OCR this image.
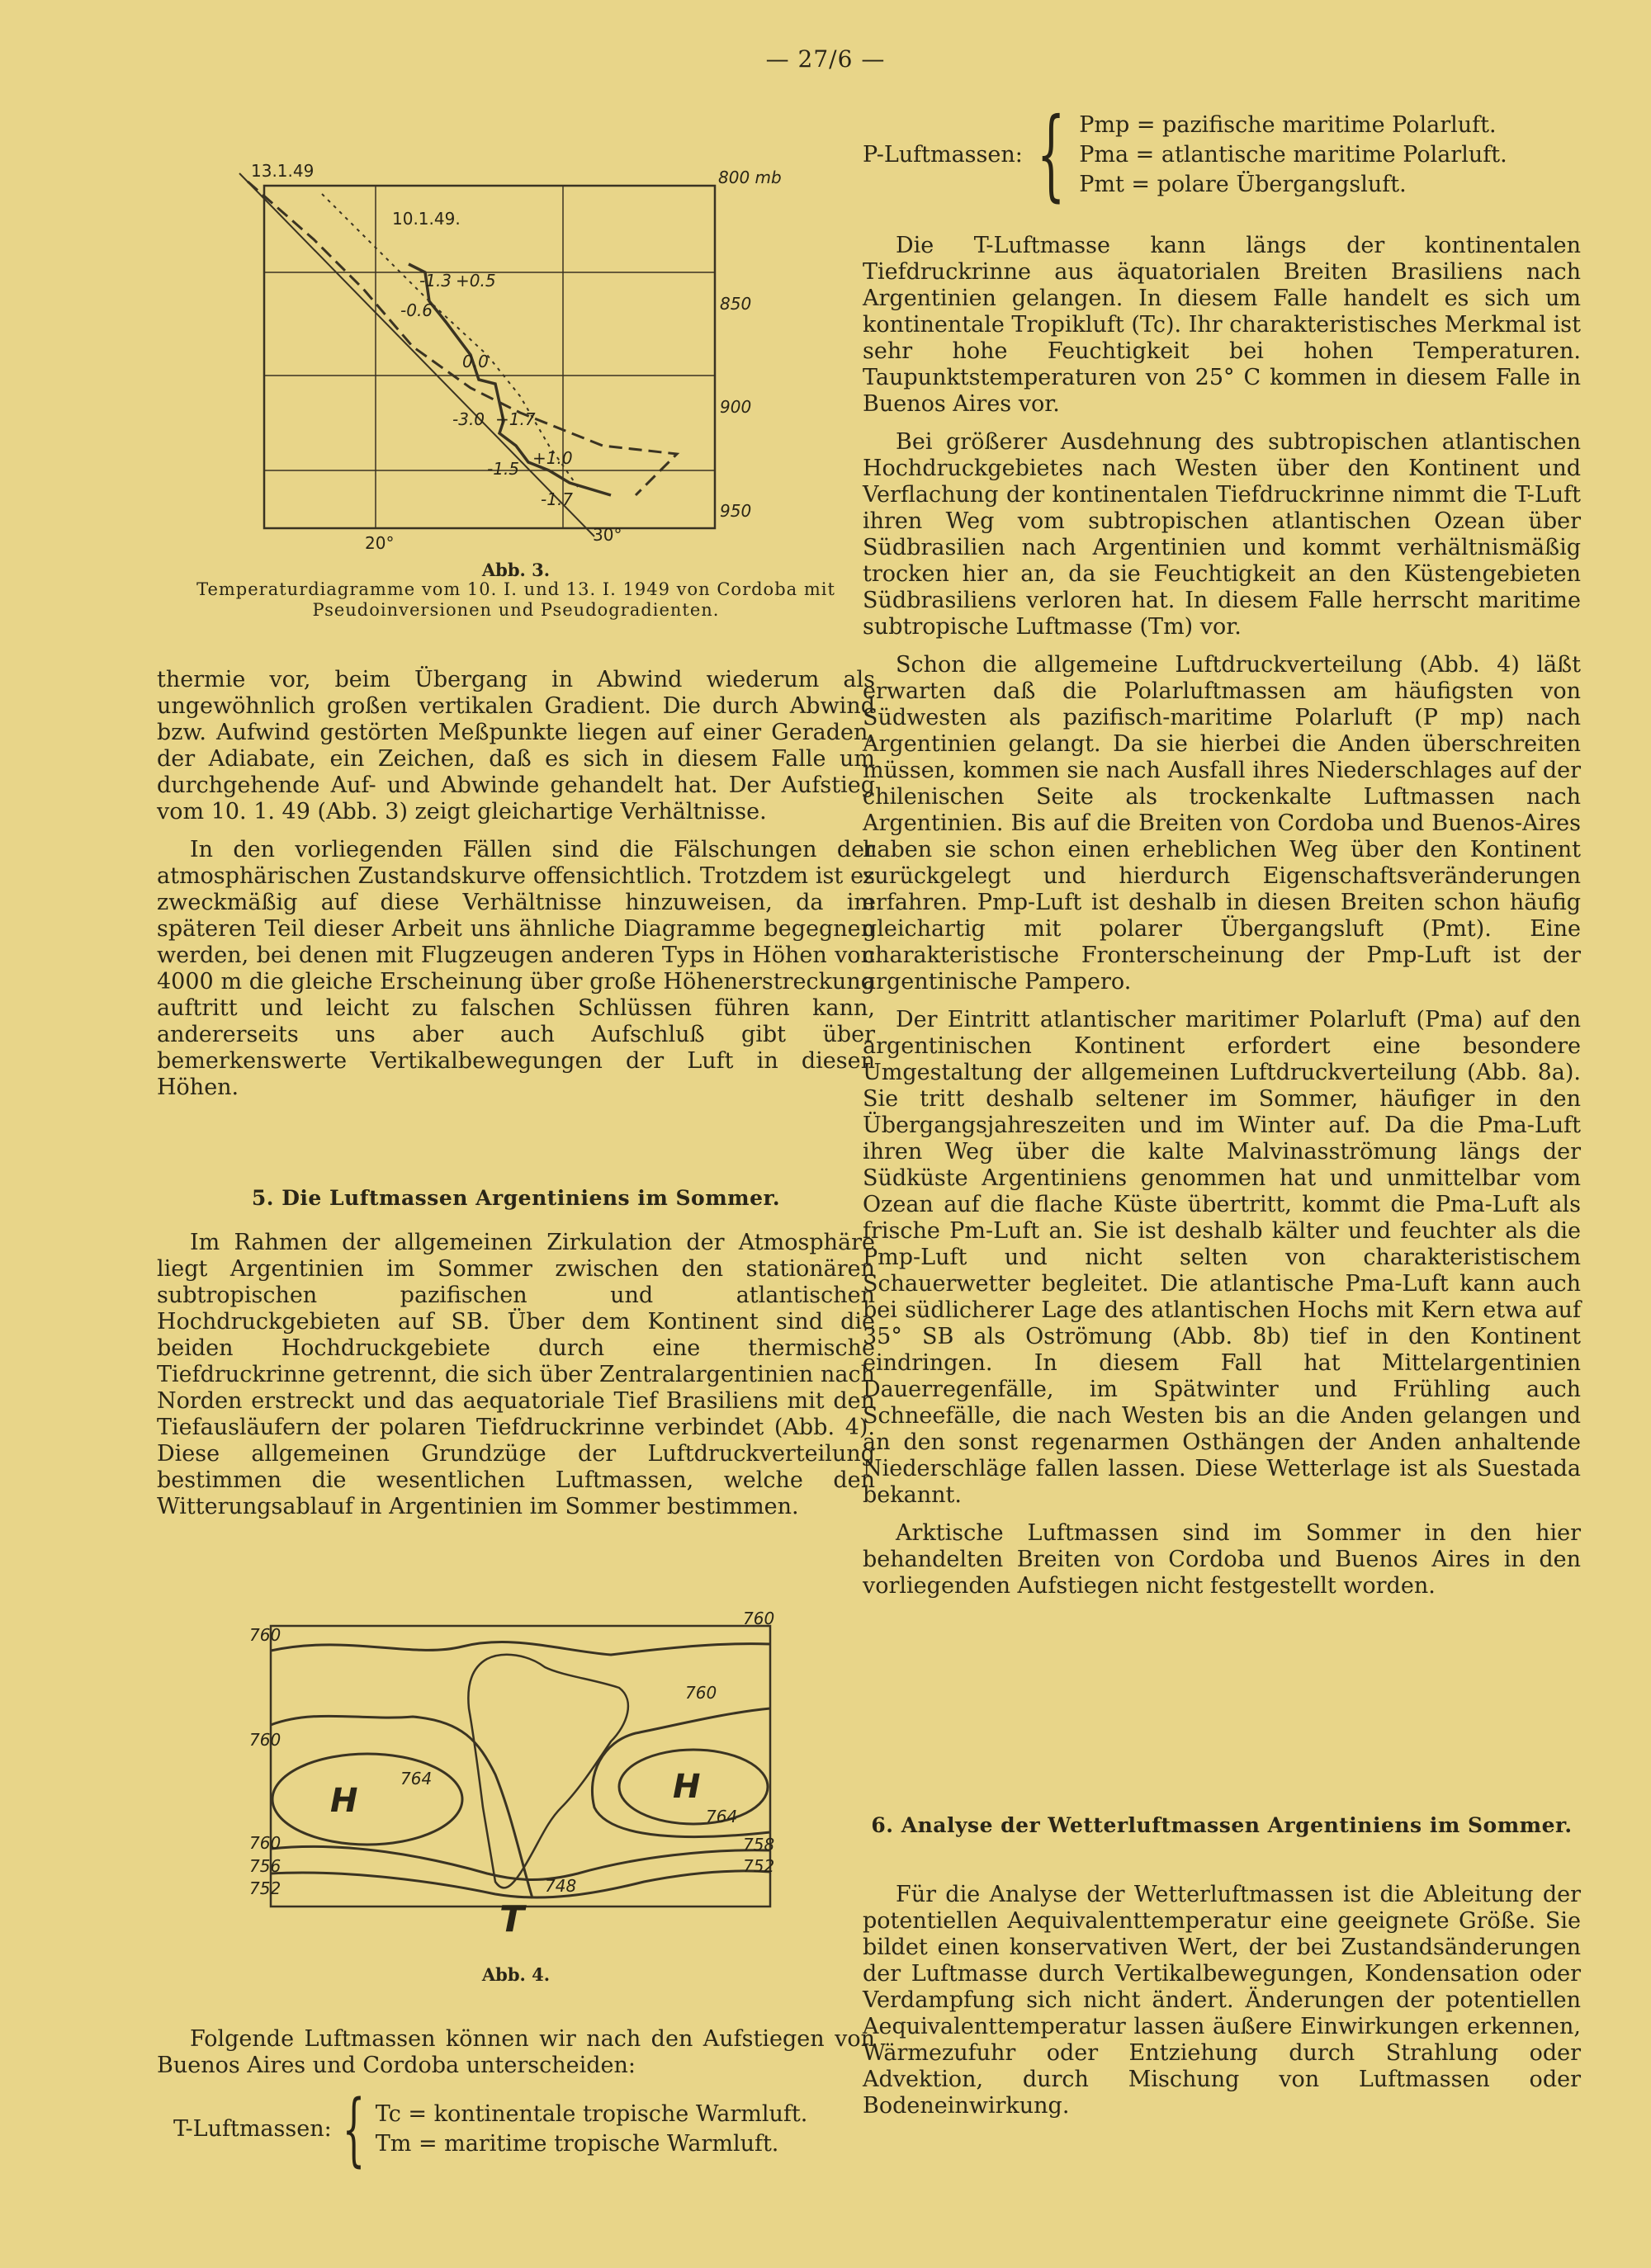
— 27/6 —
13.1.49
10.1.49.
800 mb
850
900
950
20°	30°
-1.3 +0.5
-0.6
0.0
-3.0 +1.7
-1.5
+1.0
-1.7
Abb. 3.
Temperaturdiagramme vom 10. I. und 13. I. 1949 von Cordoba mit Pseudoinversionen und Pseudogradienten.

thermie vor, beim Übergang in Abwind wiederum als ungewöhnlich großen vertikalen Gradient. Die durch Abwind bzw. Aufwind gestörten Meßpunkte liegen auf einer Geraden, der Adiabate, ein Zeichen, daß es sich in diesem Falle um durchgehende Auf- und Abwinde gehandelt hat. Der Aufstieg vom 10. 1. 49 (Abb. 3) zeigt gleichartige Verhältnisse.

In den vorliegenden Fällen sind die Fälschungen der atmosphärischen Zustandskurve offensichtlich. Trotzdem ist es zweckmäßig auf diese Verhältnisse hinzuweisen, da im späteren Teil dieser Arbeit uns ähnliche Diagramme begegnen werden, bei denen mit Flugzeugen anderen Typs in Höhen von 4000 m die gleiche Erscheinung über große Höhenerstreckung auftritt und leicht zu falschen Schlüssen führen kann, andererseits uns aber auch Aufschluß gibt über bemerkenswerte Vertikalbewegungen der Luft in diesen Höhen.

5. Die Luftmassen Argentiniens im Sommer.

Im Rahmen der allgemeinen Zirkulation der Atmosphäre liegt Argentinien im Sommer zwischen den stationären subtropischen pazifischen und atlantischen Hochdruckgebieten auf SB. Über dem Kontinent sind die beiden Hochdruckgebiete durch eine thermische Tiefdruckrinne getrennt, die sich über Zentralargentinien nach Norden erstreckt und das aequatoriale Tief Brasiliens mit den Tiefausläufern der polaren Tiefdruckrinne verbindet (Abb. 4). Diese allgemeinen Grundzüge der Luftdruckverteilung bestimmen die wesentlichen Luftmassen, welche den Witterungsablauf in Argentinien im Sommer bestimmen.

760
760
760
760
764
764
760	758
756	752
752	748
H	H
T
Abb. 4.

Folgende Luftmassen können wir nach den Aufstiegen von Buenos Aires und Cordoba unterscheiden:

T-Luftmassen: { Tc = kontinentale tropische Warmluft.
Tm = maritime tropische Warmluft.
P-Luftmassen: { Pmp = pazifische maritime Polarluft.
Pma = atlantische maritime Polarluft.
Pmt = polare Übergangsluft.

Die T-Luftmasse kann längs der kontinentalen Tiefdruckrinne aus äquatorialen Breiten Brasiliens nach Argentinien gelangen. In diesem Falle handelt es sich um kontinentale Tropikluft (Tc). Ihr charakteristisches Merkmal ist sehr hohe Feuchtigkeit bei hohen Temperaturen. Taupunktstemperaturen von 25° C kommen in diesem Falle in Buenos Aires vor.

Bei größerer Ausdehnung des subtropischen atlantischen Hochdruckgebietes nach Westen über den Kontinent und Verflachung der kontinentalen Tiefdruckrinne nimmt die T-Luft ihren Weg vom subtropischen atlantischen Ozean über Südbrasilien nach Argentinien und kommt verhältnismäßig trocken hier an, da sie Feuchtigkeit an den Küstengebieten Südbrasiliens verloren hat. In diesem Falle herrscht maritime subtropische Luftmasse (Tm) vor.

Schon die allgemeine Luftdruckverteilung (Abb. 4) läßt erwarten daß die Polarluftmassen am häufigsten von Südwesten als pazifisch-maritime Polarluft (P mp) nach Argentinien gelangt. Da sie hierbei die Anden überschreiten müssen, kommen sie nach Ausfall ihres Niederschlages auf der chilenischen Seite als trockenkalte Luftmassen nach Argentinien. Bis auf die Breiten von Cordoba und Buenos-Aires haben sie schon einen erheblichen Weg über den Kontinent zurückgelegt und hierdurch Eigenschaftsveränderungen erfahren. Pmp-Luft ist deshalb in diesen Breiten schon häufig gleichartig mit polarer Übergangsluft (Pmt). Eine charakteristische Fronterscheinung der Pmp-Luft ist der argentinische Pampero.

Der Eintritt atlantischer maritimer Polarluft (Pma) auf den argentinischen Kontinent erfordert eine besondere Umgestaltung der allgemeinen Luftdruckverteilung (Abb. 8a). Sie tritt deshalb seltener im Sommer, häufiger in den Übergangsjahreszeiten und im Winter auf. Da die Pma-Luft ihren Weg über die kalte Malvinasströmung längs der Südküste Argentiniens genommen hat und unmittelbar vom Ozean auf die flache Küste übertritt, kommt die Pma-Luft als frische Pm-Luft an. Sie ist deshalb kälter und feuchter als die Pmp-Luft und nicht selten von charakteristischem Schauerwetter begleitet. Die atlantische Pma-Luft kann auch bei südlicherer Lage des atlantischen Hochs mit Kern etwa auf 35° SB als Oströmung (Abb. 8b) tief in den Kontinent eindringen. In diesem Fall hat Mittelargentinien Dauerregenfälle, im Spätwinter und Frühling auch Schneefälle, die nach Westen bis an die Anden gelangen und an den sonst regenarmen Osthängen der Anden anhaltende Niederschläge fallen lassen. Diese Wetterlage ist als Suestada bekannt.

Arktische Luftmassen sind im Sommer in den hier behandelten Breiten von Cordoba und Buenos Aires in den vorliegenden Aufstiegen nicht festgestellt worden.

6. Analyse der Wetterluftmassen Argentiniens im Sommer.

Für die Analyse der Wetterluftmassen ist die Ableitung der potentiellen Aequivalenttemperatur eine geeignete Größe. Sie bildet einen konservativen Wert, der bei Zustandsänderungen der Luftmasse durch Vertikalbewegungen, Kondensation oder Verdampfung sich nicht ändert. Änderungen der potentiellen Aequivalenttemperatur lassen äußere Einwirkungen erkennen, Wärmezufuhr oder Entziehung durch Strahlung oder Advektion, durch Mischung von Luftmassen oder Bodeneinwirkung.
